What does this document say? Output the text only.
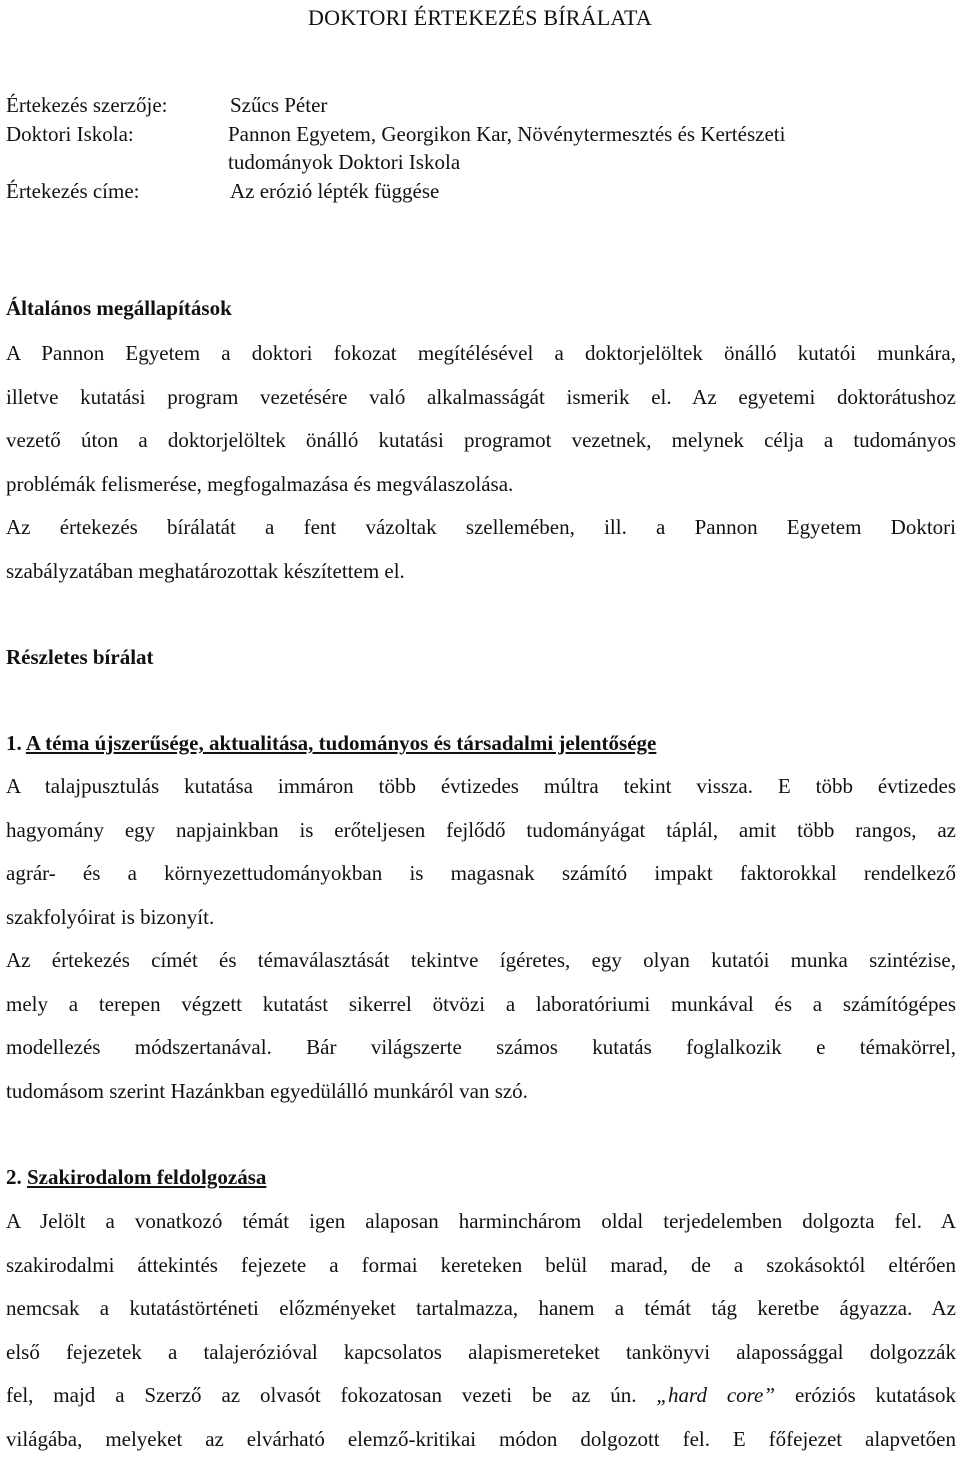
DOKTORI ÉRTEKEZÉS BÍRÁLATA
Értekezés szerzője:	Szűcs Péter
Doktori Iskola:	Pannon Egyetem, Georgikon Kar, Növénytermesztés és Kertészeti
tudományok Doktori Iskola
Értekezés címe:	Az erózió lépték függése
Általános megállapítások
A Pannon Egyetem a doktori fokozat megítélésével a doktorjelöltek önálló kutatói munkára,
illetve kutatási program vezetésére való alkalmasságát ismerik el. Az egyetemi doktorátushoz
vezető úton a doktorjelöltek önálló kutatási programot vezetnek, melynek célja a tudományos
problémák felismerése, megfogalmazása és megválaszolása.
Az értekezés bírálatát a fent vázoltak szellemében, ill. a Pannon Egyetem Doktori
szabályzatában meghatározottak készítettem el.
Részletes bírálat
1. A téma újszerűsége, aktualitása, tudományos és társadalmi jelentősége
A talajpusztulás kutatása immáron több évtizedes múltra tekint vissza. E több évtizedes
hagyomány egy napjainkban is erőteljesen fejlődő tudományágat táplál, amit több rangos, az
agrár- és a környezettudományokban is magasnak számító impakt faktorokkal rendelkező
szakfolyóirat is bizonyít.
Az értekezés címét és témaválasztását tekintve ígéretes, egy olyan kutatói munka szintézise,
mely a terepen végzett kutatást sikerrel ötvözi a laboratóriumi munkával és a számítógépes
modellezés módszertanával. Bár világszerte számos kutatás foglalkozik e témakörrel,
tudomásom szerint Hazánkban egyedülálló munkáról van szó.
2. Szakirodalom feldolgozása
A Jelölt a vonatkozó témát igen alaposan harminchárom oldal terjedelemben dolgozta fel. A
szakirodalmi áttekintés fejezete a formai kereteken belül marad, de a szokásoktól eltérően
nemcsak a kutatástörténeti előzményeket tartalmazza, hanem a témát tág keretbe ágyazza. Az
első fejezetek a talajerózióval kapcsolatos alapismereteket tankönyvi alapossággal dolgozzák
fel, majd a Szerző az olvasót fokozatosan vezeti be az ún. „hard core” eróziós kutatások
világába, melyeket az elvárható elemző-kritikai módon dolgozott fel. E főfejezet alapvetően
